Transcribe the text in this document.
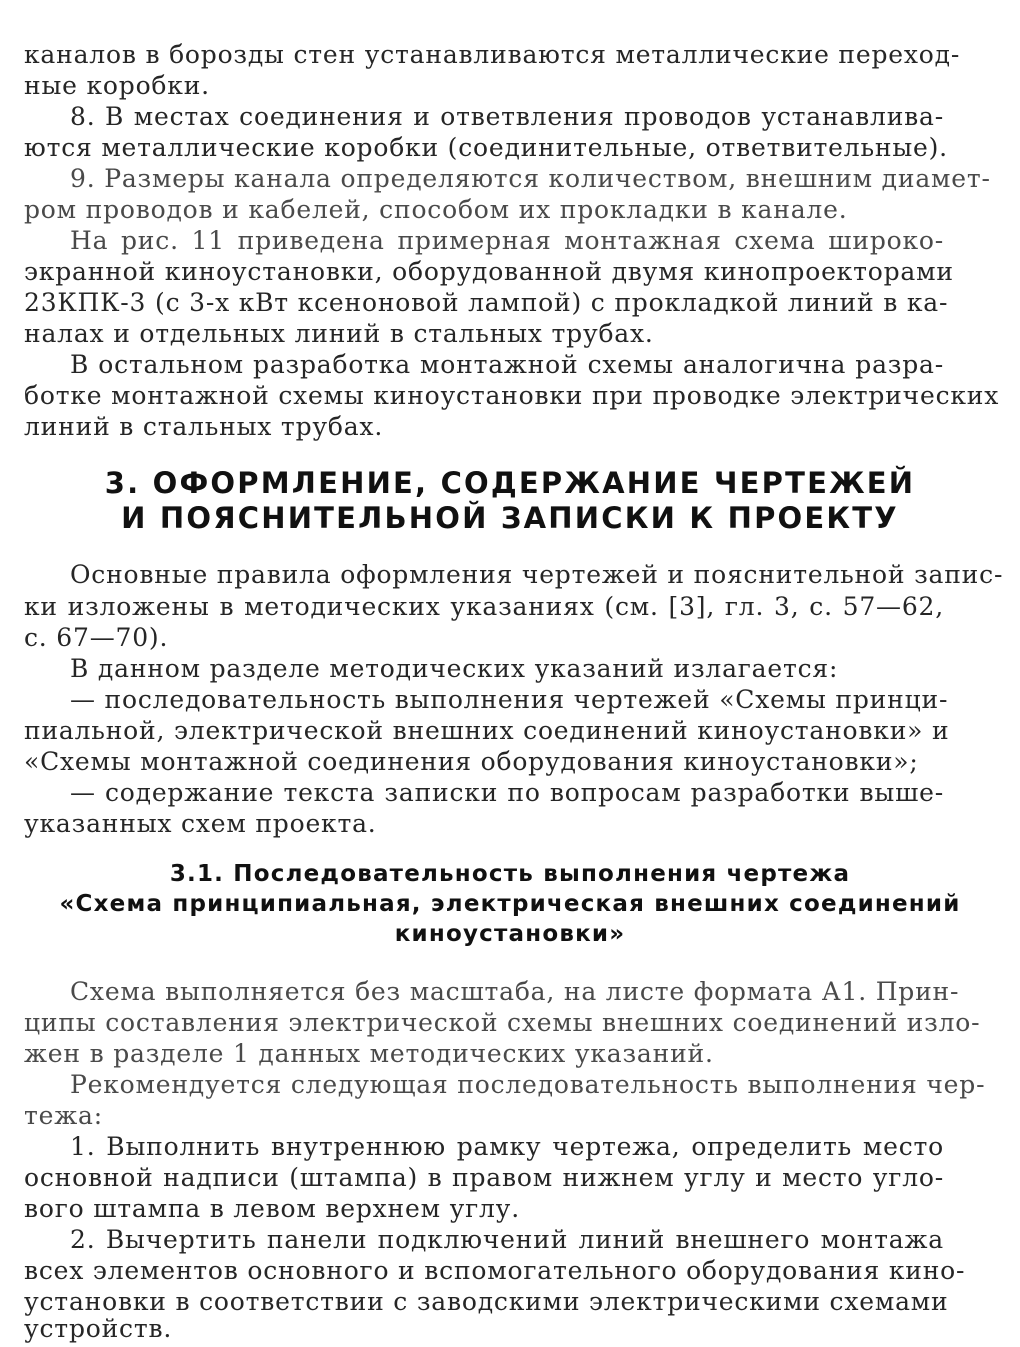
каналов в борозды стен устанавливаются металлические переход-
ные коробки.
8. В местах соединения и ответвления проводов устанавлива-
ются металлические коробки (соединительные, ответвительные).
9. Размеры канала определяются количеством, внешним диамет-
ром проводов и кабелей, способом их прокладки в канале.
На рис. 11 приведена примерная монтажная схема широко-
экранной киноустановки, оборудованной двумя кинопроекторами
23КПК-3 (с 3-х кВт ксеноновой лампой) с прокладкой линий в ка-
налах и отдельных линий в стальных трубах.
В остальном разработка монтажной схемы аналогична разра-
ботке монтажной схемы киноустановки при проводке электрических
линий в стальных трубах.
3. ОФОРМЛЕНИЕ, СОДЕРЖАНИЕ ЧЕРТЕЖЕЙ
И ПОЯСНИТЕЛЬНОЙ ЗАПИСКИ К ПРОЕКТУ
Основные правила оформления чертежей и пояснительной запис-
ки изложены в методических указаниях (см. [3], гл. 3, с. 57—62,
с. 67—70).
В данном разделе методических указаний излагается:
— последовательность выполнения чертежей «Схемы принци-
пиальной, электрической внешних соединений киноустановки» и
«Схемы монтажной соединения оборудования киноустановки»;
— содержание текста записки по вопросам разработки выше-
указанных схем проекта.
3.1. Последовательность выполнения чертежа
«Схема принципиальная, электрическая внешних соединений
киноустановки»
Схема выполняется без масштаба, на листе формата А1. Прин-
ципы составления электрической схемы внешних соединений изло-
жен в разделе 1 данных методических указаний.
Рекомендуется следующая последовательность выполнения чер-
тежа:
1. Выполнить внутреннюю рамку чертежа, определить место
основной надписи (штампа) в правом нижнем углу и место угло-
вого штампа в левом верхнем углу.
2. Вычертить панели подключений линий внешнего монтажа
всех элементов основного и вспомогательного оборудования кино-
установки в соответствии с заводскими электрическими схемами
устройств.
